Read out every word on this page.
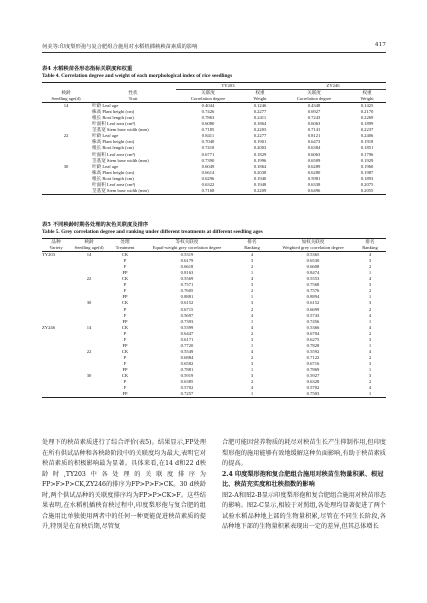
何美等:印度梨形孢与复合肥组合施用对水稻机插秧秧苗素质的影响	417
表4 水稻秧苗各形态指标关联度和权重
Table 4. Correlation degree and weight of each morphological index of rice seedlings
		TY203		ZY246	
秧龄	性状	关联度	权重	关联度	权重
Seedling age(d)	Trait	Correlation degree	Weight	Correlation degree	Weight
14	叶龄 Leaf age	0.4044	0.1246	0.4348	0.1425
	株高 Plant height (cm)	0.7426	0.2277	0.6927	0.2170
	根长 Root length (cm)	0.7863	0.2411	0.7243	0.2269
	叶面积 Leaf area (cm²)	0.6080	0.1864	0.6063	0.1899
	茎基宽 Stem base width (mm)	0.7185	0.2203	0.7141	0.2237
22	叶龄 Leaf age	0.8411	0.2277	0.8121	0.2406
	株高 Plant height (cm)	0.7040	0.1901	0.6473	0.1918
	根长 Root length (cm)	0.7418	0.2003	0.6384	0.1851
	叶面积 Leaf area (cm²)	0.6771	0.1829	0.6063	0.1796
	茎基宽 Stem base width (mm)	0.7390	0.1996	0.6509	0.1929
30	叶龄 Leaf age	0.6049	0.1864	0.6289	0.1960
	株高 Plant height (cm)	0.6614	0.2038	0.6280	0.1987
	根长 Root length (cm)	0.6296	0.1940	0.5981	0.1893
	叶面积 Leaf area (cm²)	0.6322	0.1948	0.6338	0.2075
	茎基宽 Stem base width (mm)	0.7168	0.2209	0.6496	0.2055
表5 不同秧龄时期各处理的灰色关联度及排序
Table 5. Grey correlation degree and ranking under different treatments at different seedling ages
品种	秧龄	处理	等权关联度	排名	加权关联度	排名
Variety	Seedling age(d)	Treatment	Equal-weight grey correlation degree	Ranking	Weighted grey correlation degree	Ranking
TY203	14	CK	0.5319	4	0.5365	4
		P	0.6179	3	0.6530	3
		F	0.6618	2	0.6608	2
		FP	0.8163	1	0.8474	1
	22	CK	0.5569	4	0.5553	4
		P	0.7571	3	0.7568	3
		F	0.7605	2	0.7576	2
		FP	0.8881	1	0.8894	1
	30	CK	0.6152	3	0.6152	3
		P	0.6715	2	0.6699	2
		F	0.5697	4	0.5743	4
		FP	0.7393	1	0.7456	1
ZY246	14	CK	0.5399	4	0.5366	4
		P	0.6447	2	0.6704	2
		F	0.6171	3	0.6275	3
		FP	0.7720	1	0.7828	1
	22	CK	0.5549	4	0.5592	4
		P	0.6884	2	0.7122	2
		F	0.6582	3	0.6716	3
		FP	0.7881	1	0.7869	1
	30	CK	0.5919	3	0.5927	3
		P	0.6385	2	0.6328	2
		F	0.5702	4	0.5702	4
		FP	0.7257	1	0.7503	1

处理下的秧苗素质进行了综合评价(表5)。结果显示,FP处理在所有供试品种和各秧龄阶段中的关联度均为最大,表明它对秧苗素质的积极影响最为显著。具体来看,在14 d和22 d秧龄时,TY203中各处理的关联度排序为FP>F>P>CK,ZY246的排序为FP>P>F>CK。30 d秧龄时,两个供试品种的关联度排序均为FP>P>CK>F。这些结果表明,在水稻机插秧育秧过程中,印度梨形孢与复合肥的组合施用比单独使用两者中的任何一种更能促进秧苗素质的提升,特别是在育秧后期,尽管复

合肥可能因营养物质的耗尽对秧苗生长产生抑制作用,但印度梨形孢的施用能够有效地缓解这种负面影响,有助于秧苗素质的提高。

2.4 印度梨形孢和复合肥组合施用对秧苗生物量积累、根冠比、秧苗充实度和壮秧指数的影响

图2-A和图2-B显示印度梨形孢和复合肥组合施用对秧苗形态的影响。图2-C显示,相较于对照组,各处理均显著促进了两个试验水稻品种地上部的生物量积累,尽管在不同生长阶段,各品种地下部的生物量积累表现出一定的差异,但其总体增长
